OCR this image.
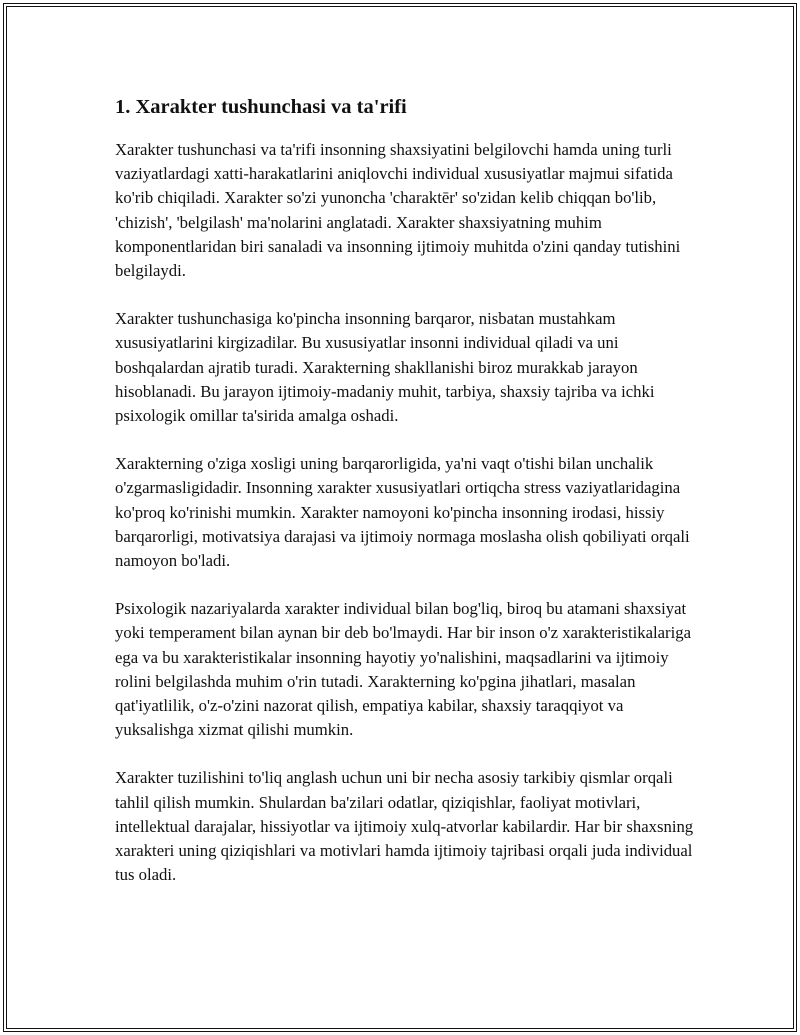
1. Xarakter tushunchasi va ta'rifi

Xarakter tushunchasi va ta'rifi insonning shaxsiyatini belgilovchi hamda uning turli vaziyatlardagi xatti-harakatlarini aniqlovchi individual xususiyatlar majmui sifatida ko'rib chiqiladi. Xarakter so'zi yunoncha 'charaktēr' so'zidan kelib chiqqan bo'lib, 'chizish', 'belgilash' ma'nolarini anglatadi. Xarakter shaxsiyatning muhim komponentlaridan biri sanaladi va insonning ijtimoiy muhitda o'zini qanday tutishini belgilaydi.

Xarakter tushunchasiga ko'pincha insonning barqaror, nisbatan mustahkam xususiyatlarini kirgizadilar. Bu xususiyatlar insonni individual qiladi va uni boshqalardan ajratib turadi. Xarakterning shakllanishi biroz murakkab jarayon hisoblanadi. Bu jarayon ijtimoiy-madaniy muhit, tarbiya, shaxsiy tajriba va ichki psixologik omillar ta'sirida amalga oshadi.

Xarakterning o'ziga xosligi uning barqarorligida, ya'ni vaqt o'tishi bilan unchalik o'zgarmasligidadir. Insonning xarakter xususiyatlari ortiqcha stress vaziyatlaridagina ko'proq ko'rinishi mumkin. Xarakter namoyoni ko'pincha insonning irodasi, hissiy barqarorligi, motivatsiya darajasi va ijtimoiy normaga moslasha olish qobiliyati orqali namoyon bo'ladi.

Psixologik nazariyalarda xarakter individual bilan bog'liq, biroq bu atamani shaxsiyat yoki temperament bilan aynan bir deb bo'lmaydi. Har bir inson o'z xarakteristikalariga ega va bu xarakteristikalar insonning hayotiy yo'nalishini, maqsadlarini va ijtimoiy rolini belgilashda muhim o'rin tutadi. Xarakterning ko'pgina jihatlari, masalan qat'iyatlilik, o'z-o'zini nazorat qilish, empatiya kabilar, shaxsiy taraqqiyot va yuksalishga xizmat qilishi mumkin.

Xarakter tuzilishini to'liq anglash uchun uni bir necha asosiy tarkibiy qismlar orqali tahlil qilish mumkin. Shulardan ba'zilari odatlar, qiziqishlar, faoliyat motivlari, intellektual darajalar, hissiyotlar va ijtimoiy xulq-atvorlar kabilardir. Har bir shaxsning xarakteri uning qiziqishlari va motivlari hamda ijtimoiy tajribasi orqali juda individual tus oladi.
